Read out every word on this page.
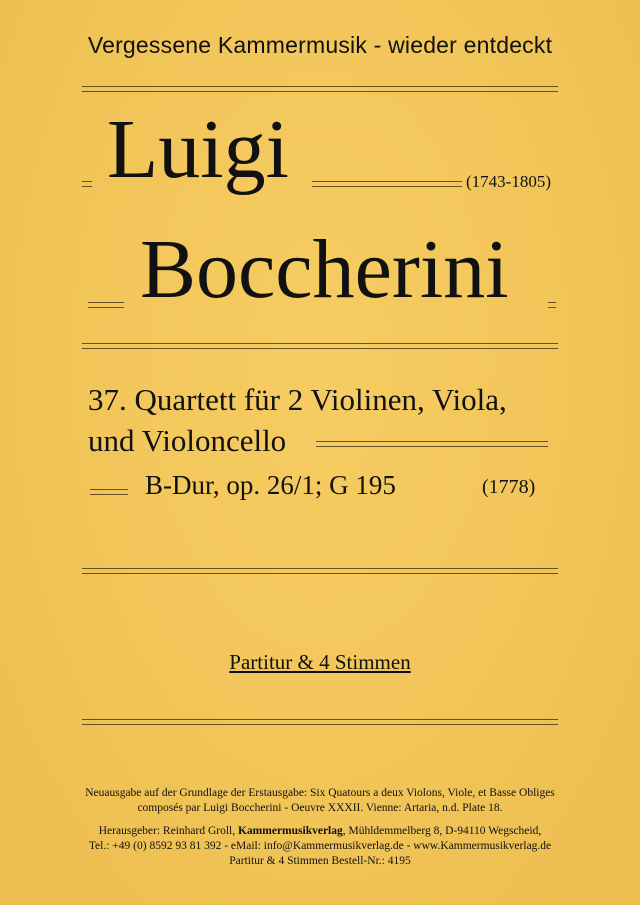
Vergessene Kammermusik - wieder entdeckt
Luigi	(1743-1805)
Boccherini
37. Quartett für 2 Violinen, Viola,
und Violoncello
B-Dur, op. 26/1; G 195	(1778)
Partitur & 4 Stimmen

Neuausgabe auf der Grundlage der Erstausgabe: Six Quatours a deux Violons, Viole, et Basse Obliges

composés par Luigi Boccherini - Oeuvre XXXII. Vienne: Artaria, n.d. Plate 18.

Herausgeber: Reinhard Groll, Kammermusikverlag, Mühldemmelberg 8, D-94110 Wegscheid,

Tel.: +49 (0) 8592 93 81 392 - eMail: info@Kammermusikverlag.de - www.Kammermusikverlag.de

Partitur & 4 Stimmen Bestell-Nr.: 4195
